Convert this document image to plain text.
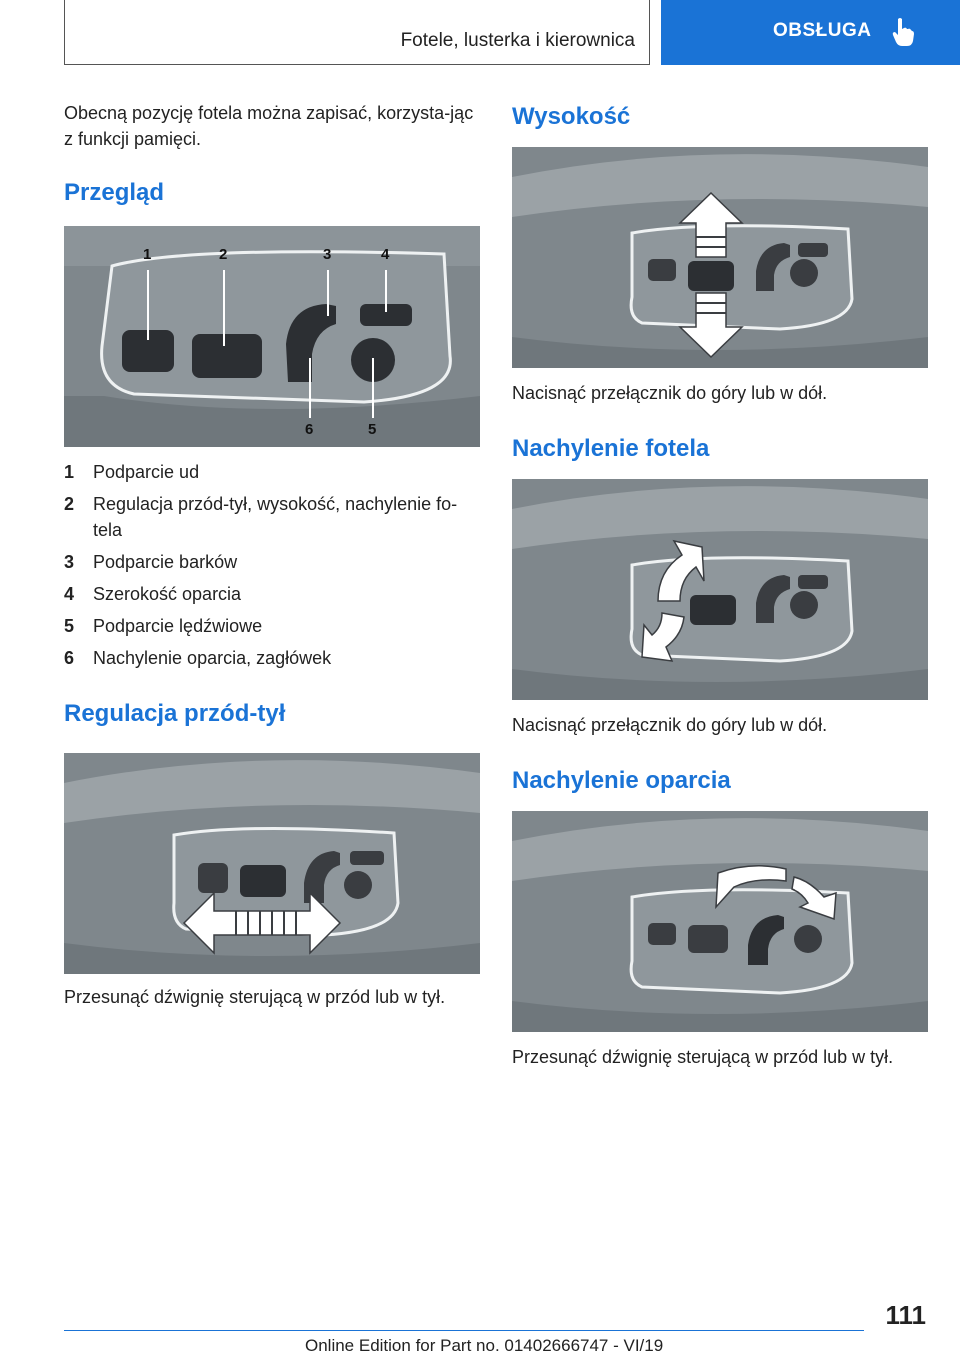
Fotele, lusterka i kierownica	OBSŁUGA

Obecną pozycję fotela można zapisać, korzysta-jąc z funkcji pamięci.

Przegląd
1	2	3	4
6	5
1	Podparcie ud
2	Regulacja przód-tył, wysokość, nachylenie fo-tela
3	Podparcie barków
4	Szerokość oparcia
5	Podparcie lędźwiowe
6	Nachylenie oparcia, zagłówek
Regulacja przód-tył

Przesunąć dźwignię sterującą w przód lub w tył.

Wysokość

Nacisnąć przełącznik do góry lub w dół.

Nachylenie fotela

Nacisnąć przełącznik do góry lub w dół.

Nachylenie oparcia

Przesunąć dźwignię sterującą w przód lub w tył.

111
Online Edition for Part no. 01402666747 - VI/19
